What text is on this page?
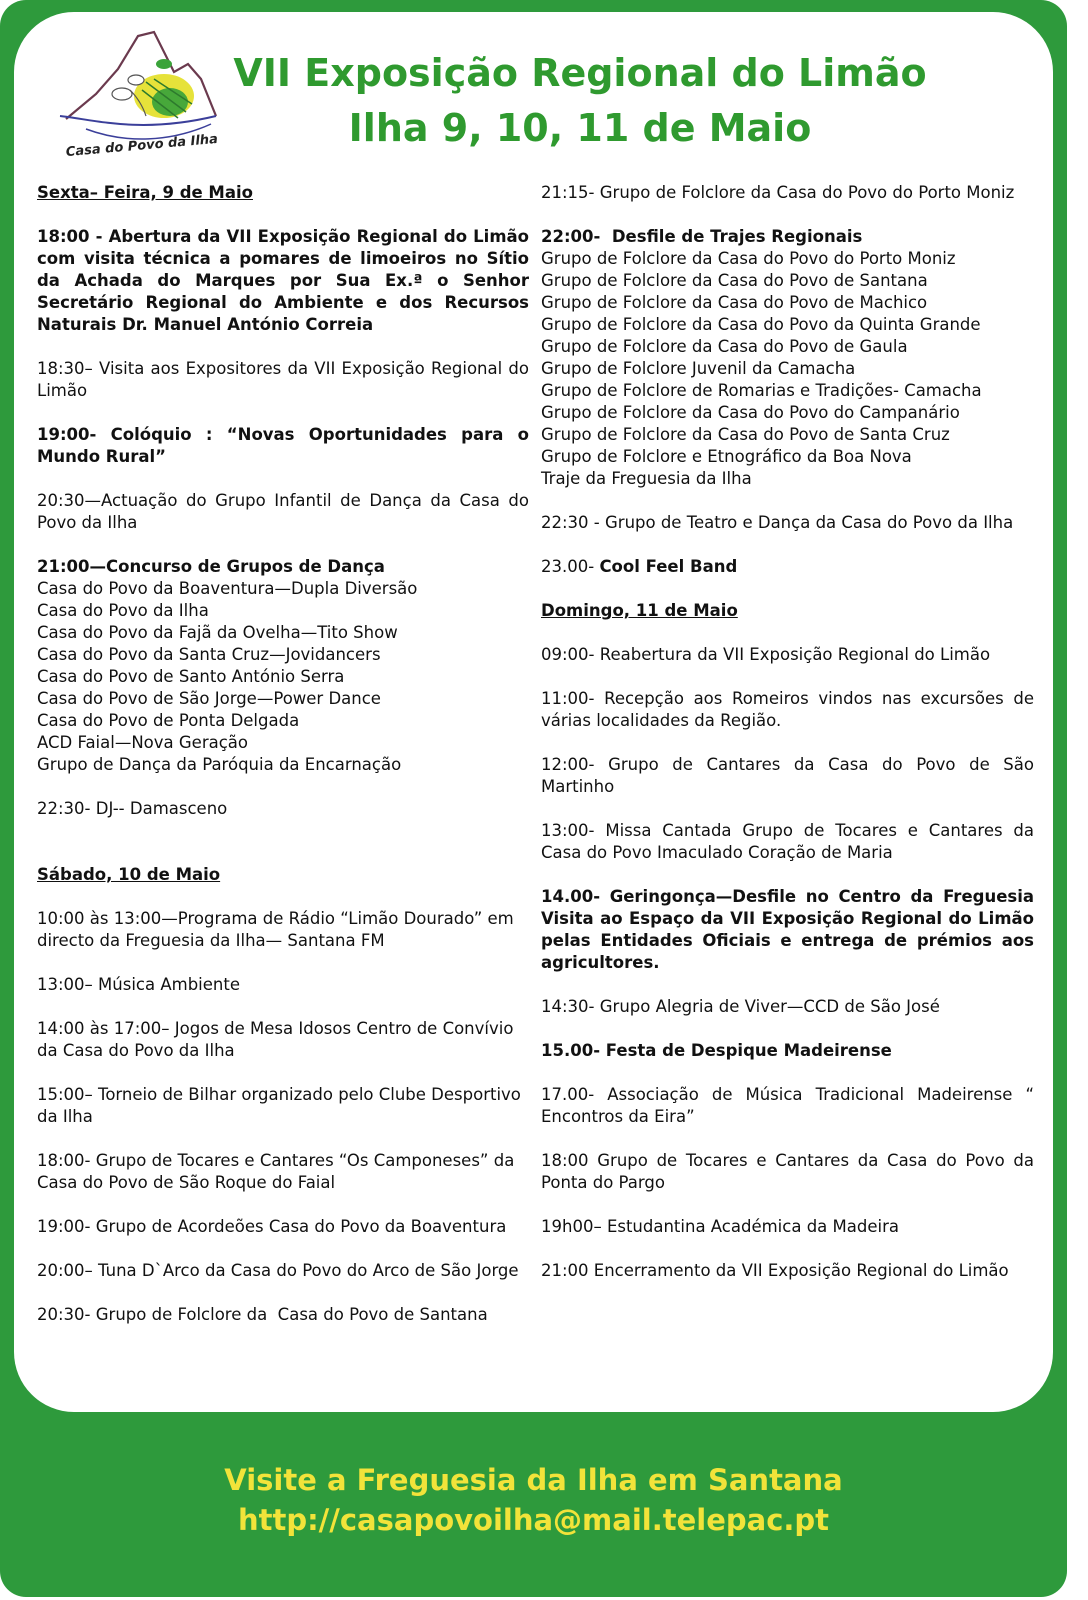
Casa do Povo da Ilha
VII Exposição Regional do Limão
Ilha 9, 10, 11 de Maio

Sexta– Feira, 9 de Maio

18:00 - Abertura da VII Exposição Regional do Limão com visita técnica a pomares de limoeiros no Sítio da Achada do Marques por Sua Ex.ª o Senhor Secretário Regional do Ambiente e dos Recursos Naturais Dr. Manuel António Correia

18:30– Visita aos Expositores da VII Exposição Regional do Limão

19:00- Colóquio : “Novas Oportunidades para o Mundo Rural”

20:30—Actuação do Grupo Infantil de Dança da Casa do Povo da Ilha

21:00—Concurso de Grupos de Dança
Casa do Povo da Boaventura—Dupla Diversão
Casa do Povo da Ilha
Casa do Povo da Fajã da Ovelha—Tito Show
Casa do Povo da Santa Cruz—Jovidancers
Casa do Povo de Santo António Serra
Casa do Povo de São Jorge—Power Dance
Casa do Povo de Ponta Delgada
ACD Faial—Nova Geração
Grupo de Dança da Paróquia da Encarnação

22:30- DJ-- Damasceno

Sábado, 10 de Maio

10:00 às 13:00—Programa de Rádio “Limão Dourado” em directo da Freguesia da Ilha— Santana FM

13:00– Música Ambiente

14:00 às 17:00– Jogos de Mesa Idosos Centro de Convívio da Casa do Povo da Ilha

15:00– Torneio de Bilhar organizado pelo Clube Desportivo da Ilha

18:00- Grupo de Tocares e Cantares “Os Camponeses” da Casa do Povo de São Roque do Faial

19:00- Grupo de Acordeões Casa do Povo da Boaventura

20:00– Tuna D`Arco da Casa do Povo do Arco de São Jorge

20:30- Grupo de Folclore da  Casa do Povo de Santana

21:15- Grupo de Folclore da Casa do Povo do Porto Moniz

22:00-  Desfile de Trajes Regionais
Grupo de Folclore da Casa do Povo do Porto Moniz
Grupo de Folclore da Casa do Povo de Santana
Grupo de Folclore da Casa do Povo de Machico
Grupo de Folclore da Casa do Povo da Quinta Grande
Grupo de Folclore da Casa do Povo de Gaula
Grupo de Folclore Juvenil da Camacha
Grupo de Folclore de Romarias e Tradições- Camacha
Grupo de Folclore da Casa do Povo do Campanário
Grupo de Folclore da Casa do Povo de Santa Cruz
Grupo de Folclore e Etnográfico da Boa Nova
Traje da Freguesia da Ilha

22:30 - Grupo de Teatro e Dança da Casa do Povo da Ilha

23.00- Cool Feel Band

Domingo, 11 de Maio

09:00- Reabertura da VII Exposição Regional do Limão

11:00- Recepção aos Romeiros vindos nas excursões de várias localidades da Região.

12:00- Grupo de Cantares da Casa do Povo de São Martinho

13:00- Missa Cantada Grupo de Tocares e Cantares da Casa do Povo Imaculado Coração de Maria

14.00- Geringonça—Desfile no Centro da Freguesia Visita ao Espaço da VII Exposição Regional do Limão pelas Entidades Oficiais e entrega de prémios aos agricultores.

14:30- Grupo Alegria de Viver—CCD de São José

15.00- Festa de Despique Madeirense

17.00- Associação de Música Tradicional Madeirense “ Encontros da Eira”

18:00 Grupo de Tocares e Cantares da Casa do Povo da Ponta do Pargo

19h00– Estudantina Académica da Madeira

21:00 Encerramento da VII Exposição Regional do Limão

Visite a Freguesia da Ilha em Santana
http://casapovoilha@mail.telepac.pt
